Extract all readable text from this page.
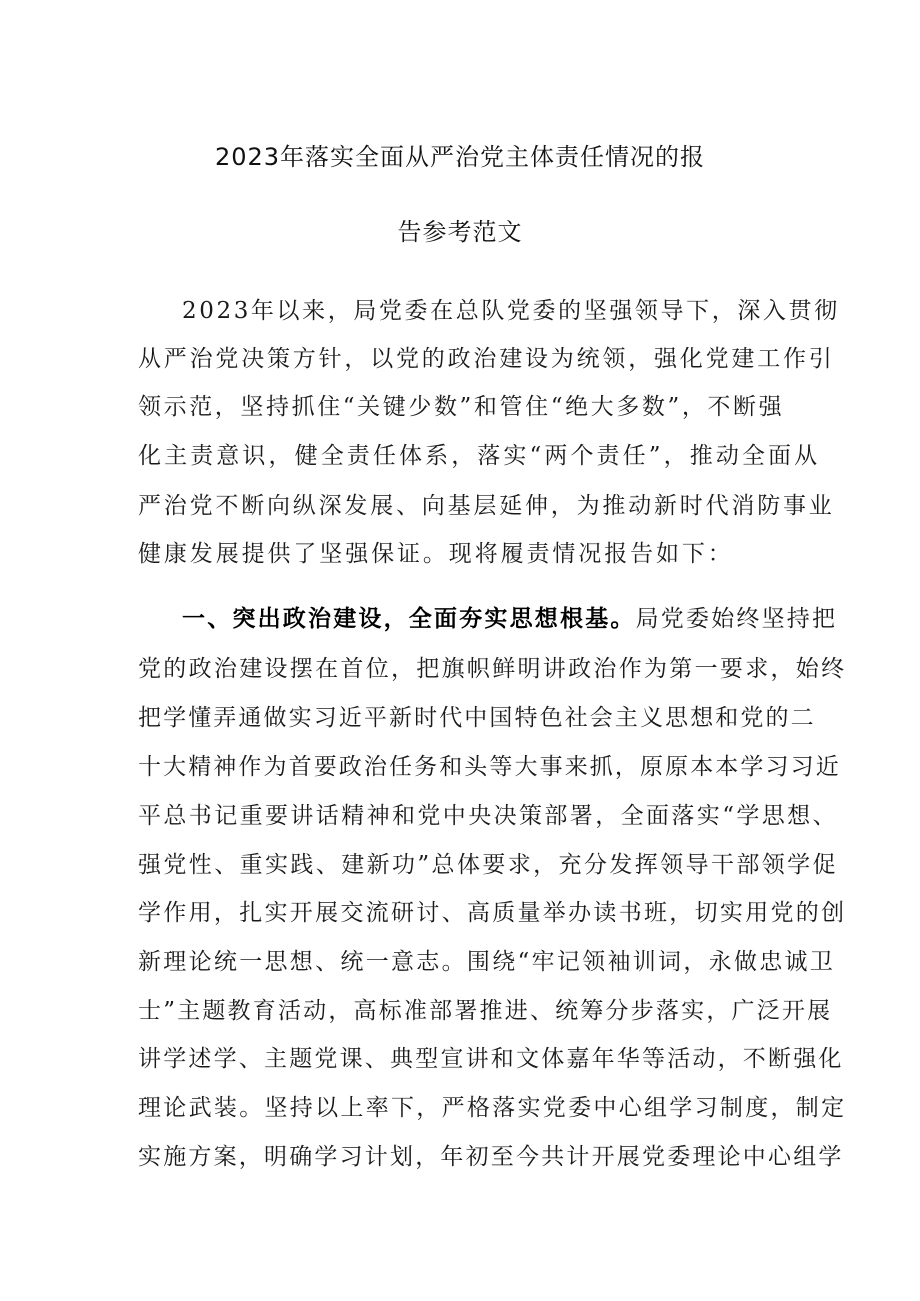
2023年落实全面从严治党主体责任情况的报
告参考范文
2023年以来，局党委在总队党委的坚强领导下，深入贯彻
从严治党决策方针，以党的政治建设为统领，强化党建工作引
领示范，坚持抓住“关键少数”和管住“绝大多数”，不断强
化主责意识，健全责任体系，落实“两个责任”，推动全面从
严治党不断向纵深发展、向基层延伸，为推动新时代消防事业
健康发展提供了坚强保证。现将履责情况报告如下：
一、突出政治建设，全面夯实思想根基。局党委始终坚持把
党的政治建设摆在首位，把旗帜鲜明讲政治作为第一要求，始终
把学懂弄通做实习近平新时代中国特色社会主义思想和党的二
十大精神作为首要政治任务和头等大事来抓，原原本本学习习近
平总书记重要讲话精神和党中央决策部署，全面落实“学思想、
强党性、重实践、建新功”总体要求，充分发挥领导干部领学促
学作用，扎实开展交流研讨、高质量举办读书班，切实用党的创
新理论统一思想、统一意志。围绕“牢记领袖训词，永做忠诚卫
士”主题教育活动，高标准部署推进、统筹分步落实，广泛开展
讲学述学、主题党课、典型宣讲和文体嘉年华等活动，不断强化
理论武装。坚持以上率下，严格落实党委中心组学习制度，制定
实施方案，明确学习计划，年初至今共计开展党委理论中心组学
